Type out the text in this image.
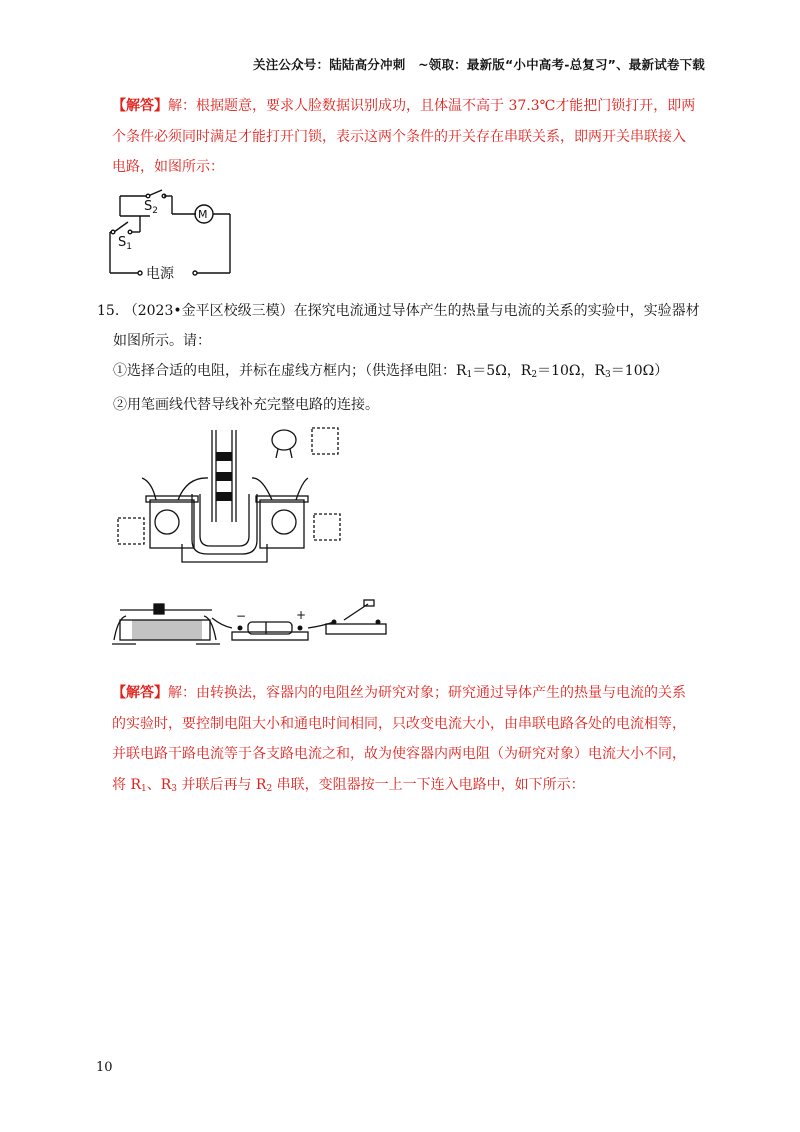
关注公众号：陆陆高分冲刺　~领取：最新版“小中高考-总复习”、最新试卷下载
【解答】解：根据题意，要求人脸数据识别成功，且体温不高于 37.3℃才能把门锁打开，即两
个条件必须同时满足才能打开门锁，表示这两个条件的开关存在串联关系，即两开关串联接入
电路，如图所示：
$S_2$	M
$S_1$
电源
15. （2023•金平区校级三模）在探究电流通过导体产生的热量与电流的关系的实验中，实验器材
如图所示。请：
①选择合适的电阻，并标在虚线方框内；（供选择电阻：$R_1=5\Omega$，$R_2=10\Omega$，$R_3=10\Omega$）
②用笔画线代替导线补充完整电路的连接。
−	+
【解答】解：由转换法，容器内的电阻丝为研究对象；研究通过导体产生的热量与电流的关系
的实验时，要控制电阻大小和通电时间相同，只改变电流大小，由串联电路各处的电流相等，
并联电路干路电流等于各支路电流之和，故为使容器内两电阻（为研究对象）电流大小不同，
将 $R_1$、$R_3$ 并联后再与 $R_2$ 串联，变阻器按一上一下连入电路中，如下所示：
10
